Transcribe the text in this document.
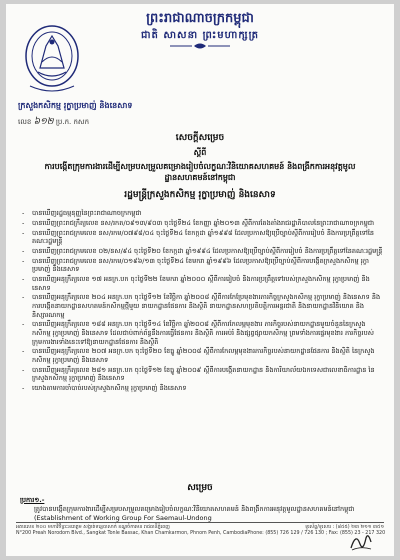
ព្រះរាជាណាចក្រកម្ពុជា
ជាតិ សាសនា ព្រះមហាក្សត្រ
ក្រសួងកសិកម្ម រុក្ខាប្រមាញ់ និងនេសាទ
លេខ ៦១២ ប្រ.ក. កសក
សេចក្ដីសម្រេច
ស្ដីពី
ការបង្កើតក្រុមការងារដើម្បីសម្របសម្រួលគម្រោងរៀបចំលក្ខណៈវិនិយោគសហគមន៍ និងពង្រីកការអនុវត្តមូលដ្ឋានសហគមន៍នៅកម្ពុជា
រដ្ឋមន្ត្រីក្រសួងកសិកម្ម រុក្ខាប្រមាញ់ និងនេសាទ
- បានឃើញរដ្ឋធម្មនុញ្ញនៃព្រះរាជាណាចក្រកម្ពុជា
- បានឃើញព្រះរាជក្រឹត្យលេខ នស/រកត/០៩១៣/៩០៣ ចុះថ្ងៃទី២៤ ខែកញ្ញា ឆ្នាំ២០១៣ ស្ដីពីការតែងតាំងរាជរដ្ឋាភិបាលនៃព្រះរាជាណាចក្រកម្ពុជា
- បានឃើញព្រះរាជក្រមលេខ នស/រកម/០៧៩៨/០៤ ចុះថ្ងៃទី២៤ ខែកក្កដា ឆ្នាំ១៩៩៨ ដែលប្រកាសឱ្យប្រើច្បាប់ស្ដីពីការរៀបចំ និងការប្រព្រឹត្តទៅនៃគណៈរដ្ឋមន្ត្រី
- បានឃើញព្រះរាជក្រមលេខ ០២/នស/៩៤ ចុះថ្ងៃទី២០ ខែកក្កដា ឆ្នាំ១៩៩៤ ដែលប្រកាសឱ្យប្រើច្បាប់ស្ដីពីការរៀបចំ និងការប្រព្រឹត្តទៅនៃគណៈរដ្ឋមន្ត្រី
- បានឃើញព្រះរាជក្រមលេខ នស/រកម/០១៩៦/១៣ ចុះថ្ងៃទី២៤ ខែមករា ឆ្នាំ១៩៩៦ ដែលប្រកាសឱ្យប្រើច្បាប់ស្ដីពីការបង្កើតក្រសួងកសិកម្ម រុក្ខាប្រមាញ់ និងនេសាទ
- បានឃើញអនុក្រឹត្យលេខ ១៧ អនក្រ.បក ចុះថ្ងៃទី២២ ខែមករា ឆ្នាំ២០០០ ស្ដីពីការរៀបចំ និងការប្រព្រឹត្តទៅរបស់ក្រសួងកសិកម្ម រុក្ខាប្រមាញ់ និងនេសាទ
- បានឃើញអនុក្រឹត្យលេខ ២០៤ អនក្រ.បក ចុះថ្ងៃទី១២ ខែវិច្ឆិកា ឆ្នាំ២០០៨ ស្ដីពីការកែប្រែមុខងារភារកិច្ចក្រសួងកសិកម្ម រុក្ខាប្រមាញ់ និងនេសាទ និងការបង្កើតនាយកដ្ឋានសហគមន៍កសិកម្មថ្មីមួយ នាយកដ្ឋានផែនការ និងស្ថិតិ នាយកដ្ឋានសហប្រតិបត្តិការអន្តរជាតិ និងនាយកដ្ឋានវិនិយោគ និងនិស្សារណកម្ម
- បានឃើញអនុក្រឹត្យលេខ ១៨៨ អនក្រ.បក ចុះថ្ងៃទី១៤ ខែវិច្ឆិកា ឆ្នាំ២០០៨ ស្ដីពីការកែលម្អមុខងារ ភារកិច្ចរបស់នាយកដ្ឋានមួយចំនួននៃក្រសួងកសិកម្ម រុក្ខាប្រមាញ់ និងនេសាទ ដែលជាប់ពាក់ព័ន្ធនឹងការធ្វើផែនការ និងស្ថិតិ ការអប់រំ និងផ្សព្វផ្សាយកសិកម្ម ព្រមទាំងការផ្ទេរមុខងារ ភារកិច្ចរបស់ក្រុមការងារទាំងនេះទៅឱ្យនាយកដ្ឋានផែនការ និងស្ថិតិ
- បានឃើញអនុក្រឹត្យលេខ ២០៧ អនក្រ.បក ចុះថ្ងៃទី២០ ខែធ្នូ ឆ្នាំ២០០៨ ស្ដីពីការកែលម្អមុខងារភារកិច្ចរបស់នាយកដ្ឋានផែនការ និងស្ថិតិ នៃក្រសួងកសិកម្ម រុក្ខាប្រមាញ់ និងនេសាទ
- បានឃើញអនុក្រឹត្យលេខ ២៨១ អនក្រ.បក ចុះថ្ងៃទី១២ ខែធ្នូ ឆ្នាំ២០០៩ ស្ដីពីការបង្កើតនាយកដ្ឋាន និងការិយាល័យឯកទេសជាលេខាធិការដ្ឋាន នៃក្រសួងកសិកម្ម រុក្ខាប្រមាញ់ និងនេសាទ
- យោងតាមការចាំបាច់របស់ក្រសួងកសិកម្ម រុក្ខាប្រមាញ់ និងនេសាទ
សម្រេច
ប្រការ១.-
ត្រូវបានបង្កើតក្រុមការងារដើម្បីសម្របសម្រួលគម្រោងរៀបចំលក្ខណៈវិនិយោគសហគមន៍ និងពង្រីកការអនុវត្តមូលដ្ឋានសហគមន៍នៅកម្ពុជា (Establishment of Working Group For Saemaul-Undong
អគារលេខ ២០០ មហាវិថីព្រះនរោត្តម សង្កាត់ទន្លេបាសាក់ ខណ្ឌចំការមន រាជធានីភ្នំពេញ	ទូរស័ព្ទ/ទូរសារ : (៨៥៥) ២៣ ២១១ ៣៥១
N°200 Preah Norodom Blvd., Sangkat Tonle Bassac, Khan Chamkarmon, Phnom Penh, Cambodia Phone: (855) 726 129 / 726 130 ; Fax: (855) 23 - 217 320
